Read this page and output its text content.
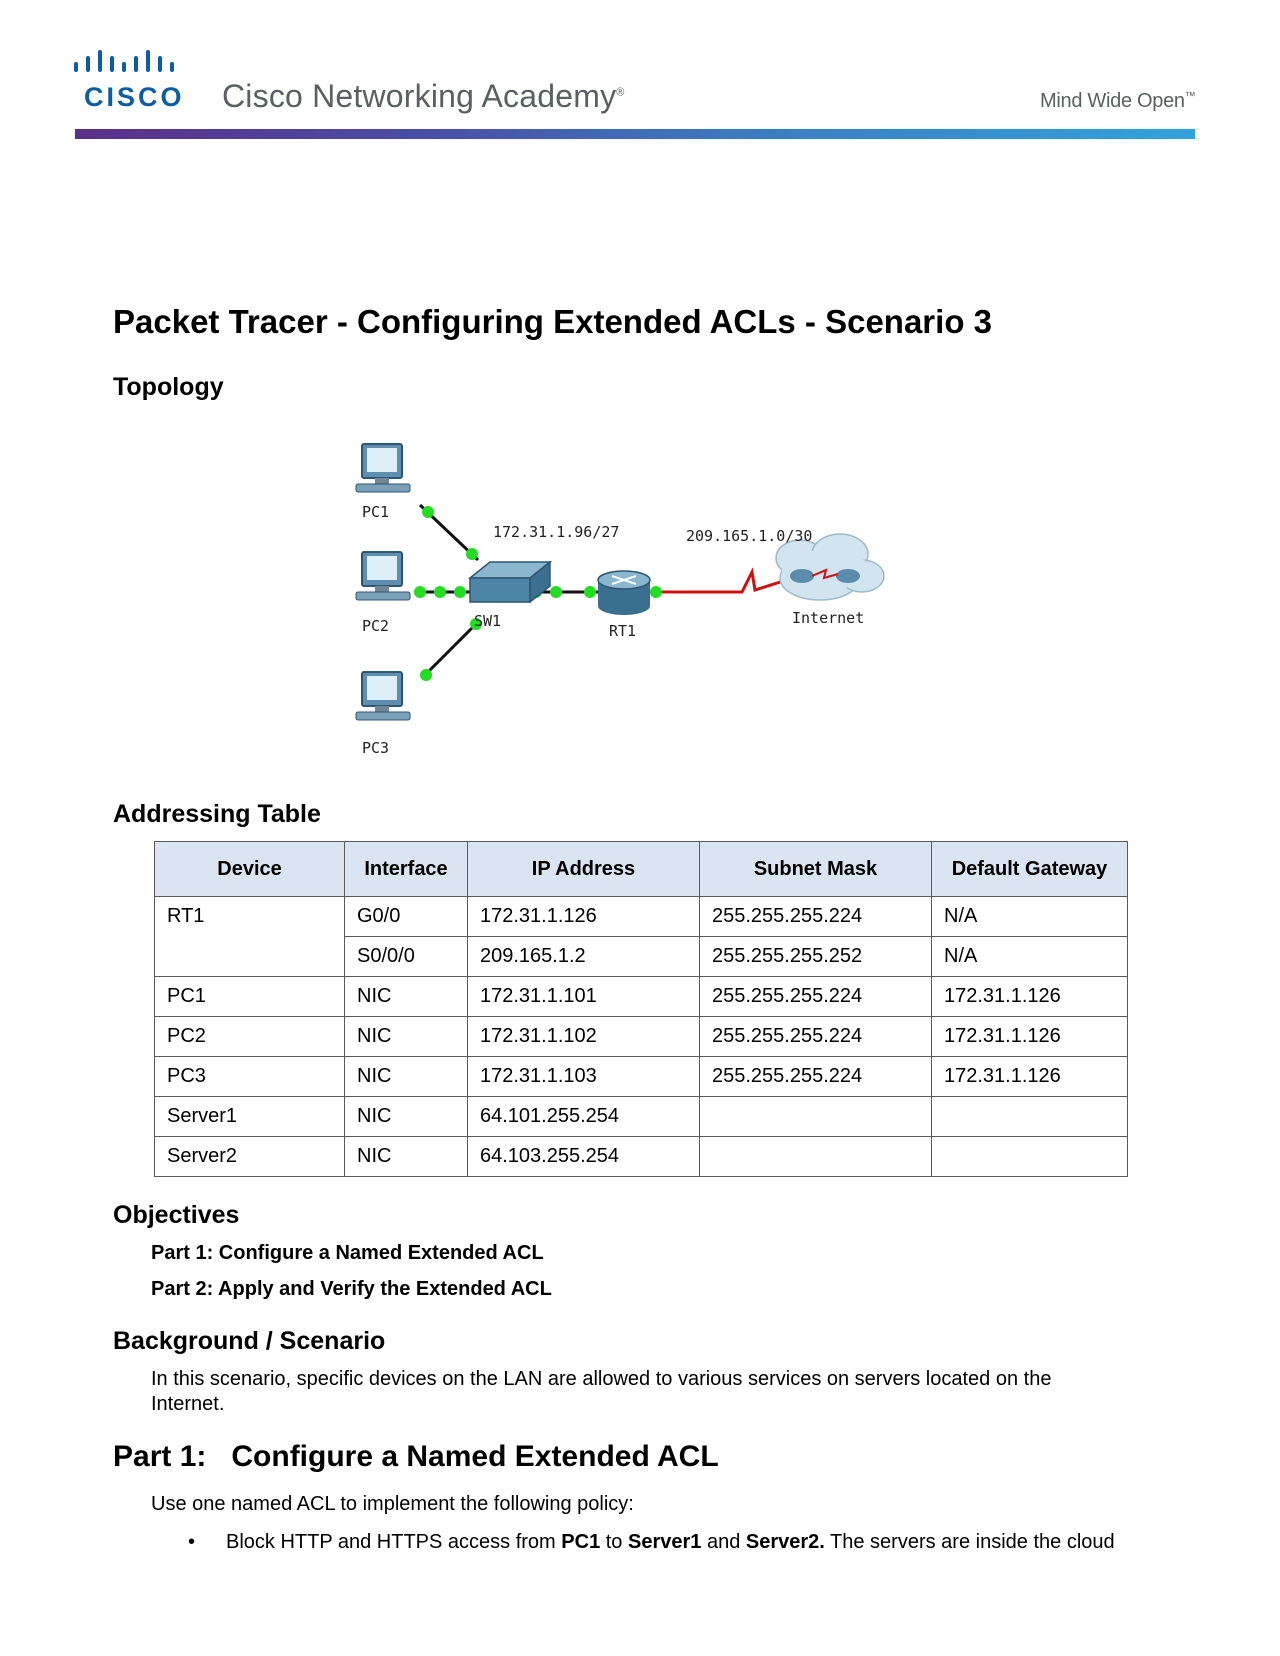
CISCO Cisco Networking Academy®	Mind Wide Open™
Packet Tracer - Configuring Extended ACLs - Scenario 3
Topology
PC1
PC2
PC3
SW1
RT1
Internet
172.31.1.96/27	209.165.1.0/30
Addressing Table
Device	Interface	IP Address	Subnet Mask	Default Gateway
RT1	G0/0	172.31.1.126	255.255.255.224	N/A
	S0/0/0	209.165.1.2	255.255.255.252	N/A
PC1	NIC	172.31.1.101	255.255.255.224	172.31.1.126
PC2	NIC	172.31.1.102	255.255.255.224	172.31.1.126
PC3	NIC	172.31.1.103	255.255.255.224	172.31.1.126
Server1	NIC	64.101.255.254		
Server2	NIC	64.103.255.254		
Objectives
Part 1: Configure a Named Extended ACL
Part 2: Apply and Verify the Extended ACL
Background / Scenario
In this scenario, specific devices on the LAN are allowed to various services on servers located on the Internet.
Part 1:   Configure a Named Extended ACL
Use one named ACL to implement the following policy:
• Block HTTP and HTTPS access from PC1 to Server1 and Server2. The servers are inside the cloud
